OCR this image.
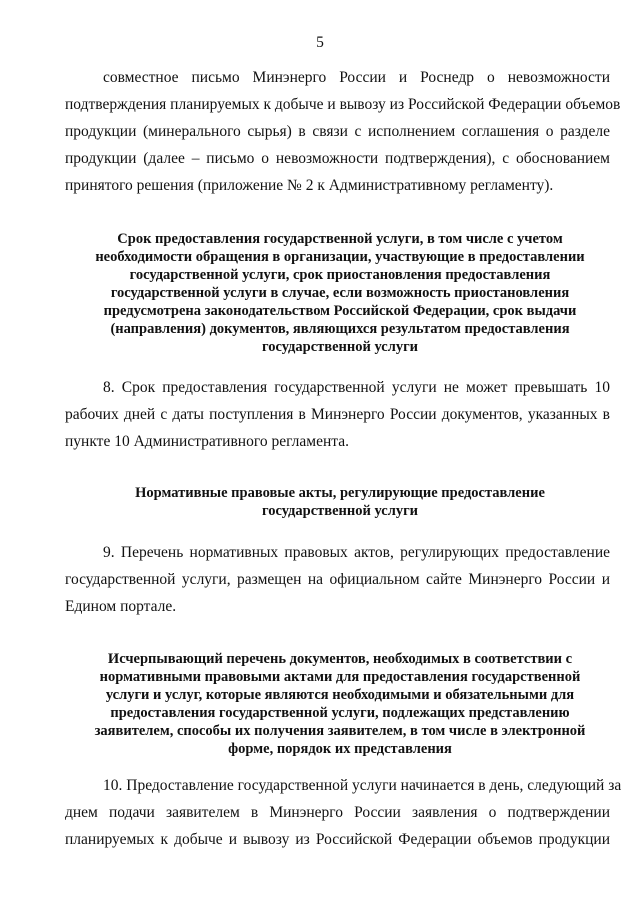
5
совместное письмо Минэнерго России и Роснедр о невозможности
подтверждения планируемых к добыче и вывозу из Российской Федерации объемов
продукции (минерального сырья) в связи с исполнением соглашения о разделе
продукции (далее – письмо о невозможности подтверждения), с обоснованием
принятого решения (приложение № 2 к Административному регламенту).
Срок предоставления государственной услуги, в том числе с учетом
необходимости обращения в организации, участвующие в предоставлении
государственной услуги, срок приостановления предоставления
государственной услуги в случае, если возможность приостановления
предусмотрена законодательством Российской Федерации, срок выдачи
(направления) документов, являющихся результатом предоставления
государственной услуги
8. Срок предоставления государственной услуги не может превышать 10
рабочих дней с даты поступления в Минэнерго России документов, указанных в
пункте 10 Административного регламента.
Нормативные правовые акты, регулирующие предоставление
государственной услуги
9. Перечень нормативных правовых актов, регулирующих предоставление
государственной услуги, размещен на официальном сайте Минэнерго России и
Едином портале.
Исчерпывающий перечень документов, необходимых в соответствии с
нормативными правовыми актами для предоставления государственной
услуги и услуг, которые являются необходимыми и обязательными для
предоставления государственной услуги, подлежащих представлению
заявителем, способы их получения заявителем, в том числе в электронной
форме, порядок их представления
10. Предоставление государственной услуги начинается в день, следующий за
днем подачи заявителем в Минэнерго России заявления о подтверждении
планируемых к добыче и вывозу из Российской Федерации объемов продукции
